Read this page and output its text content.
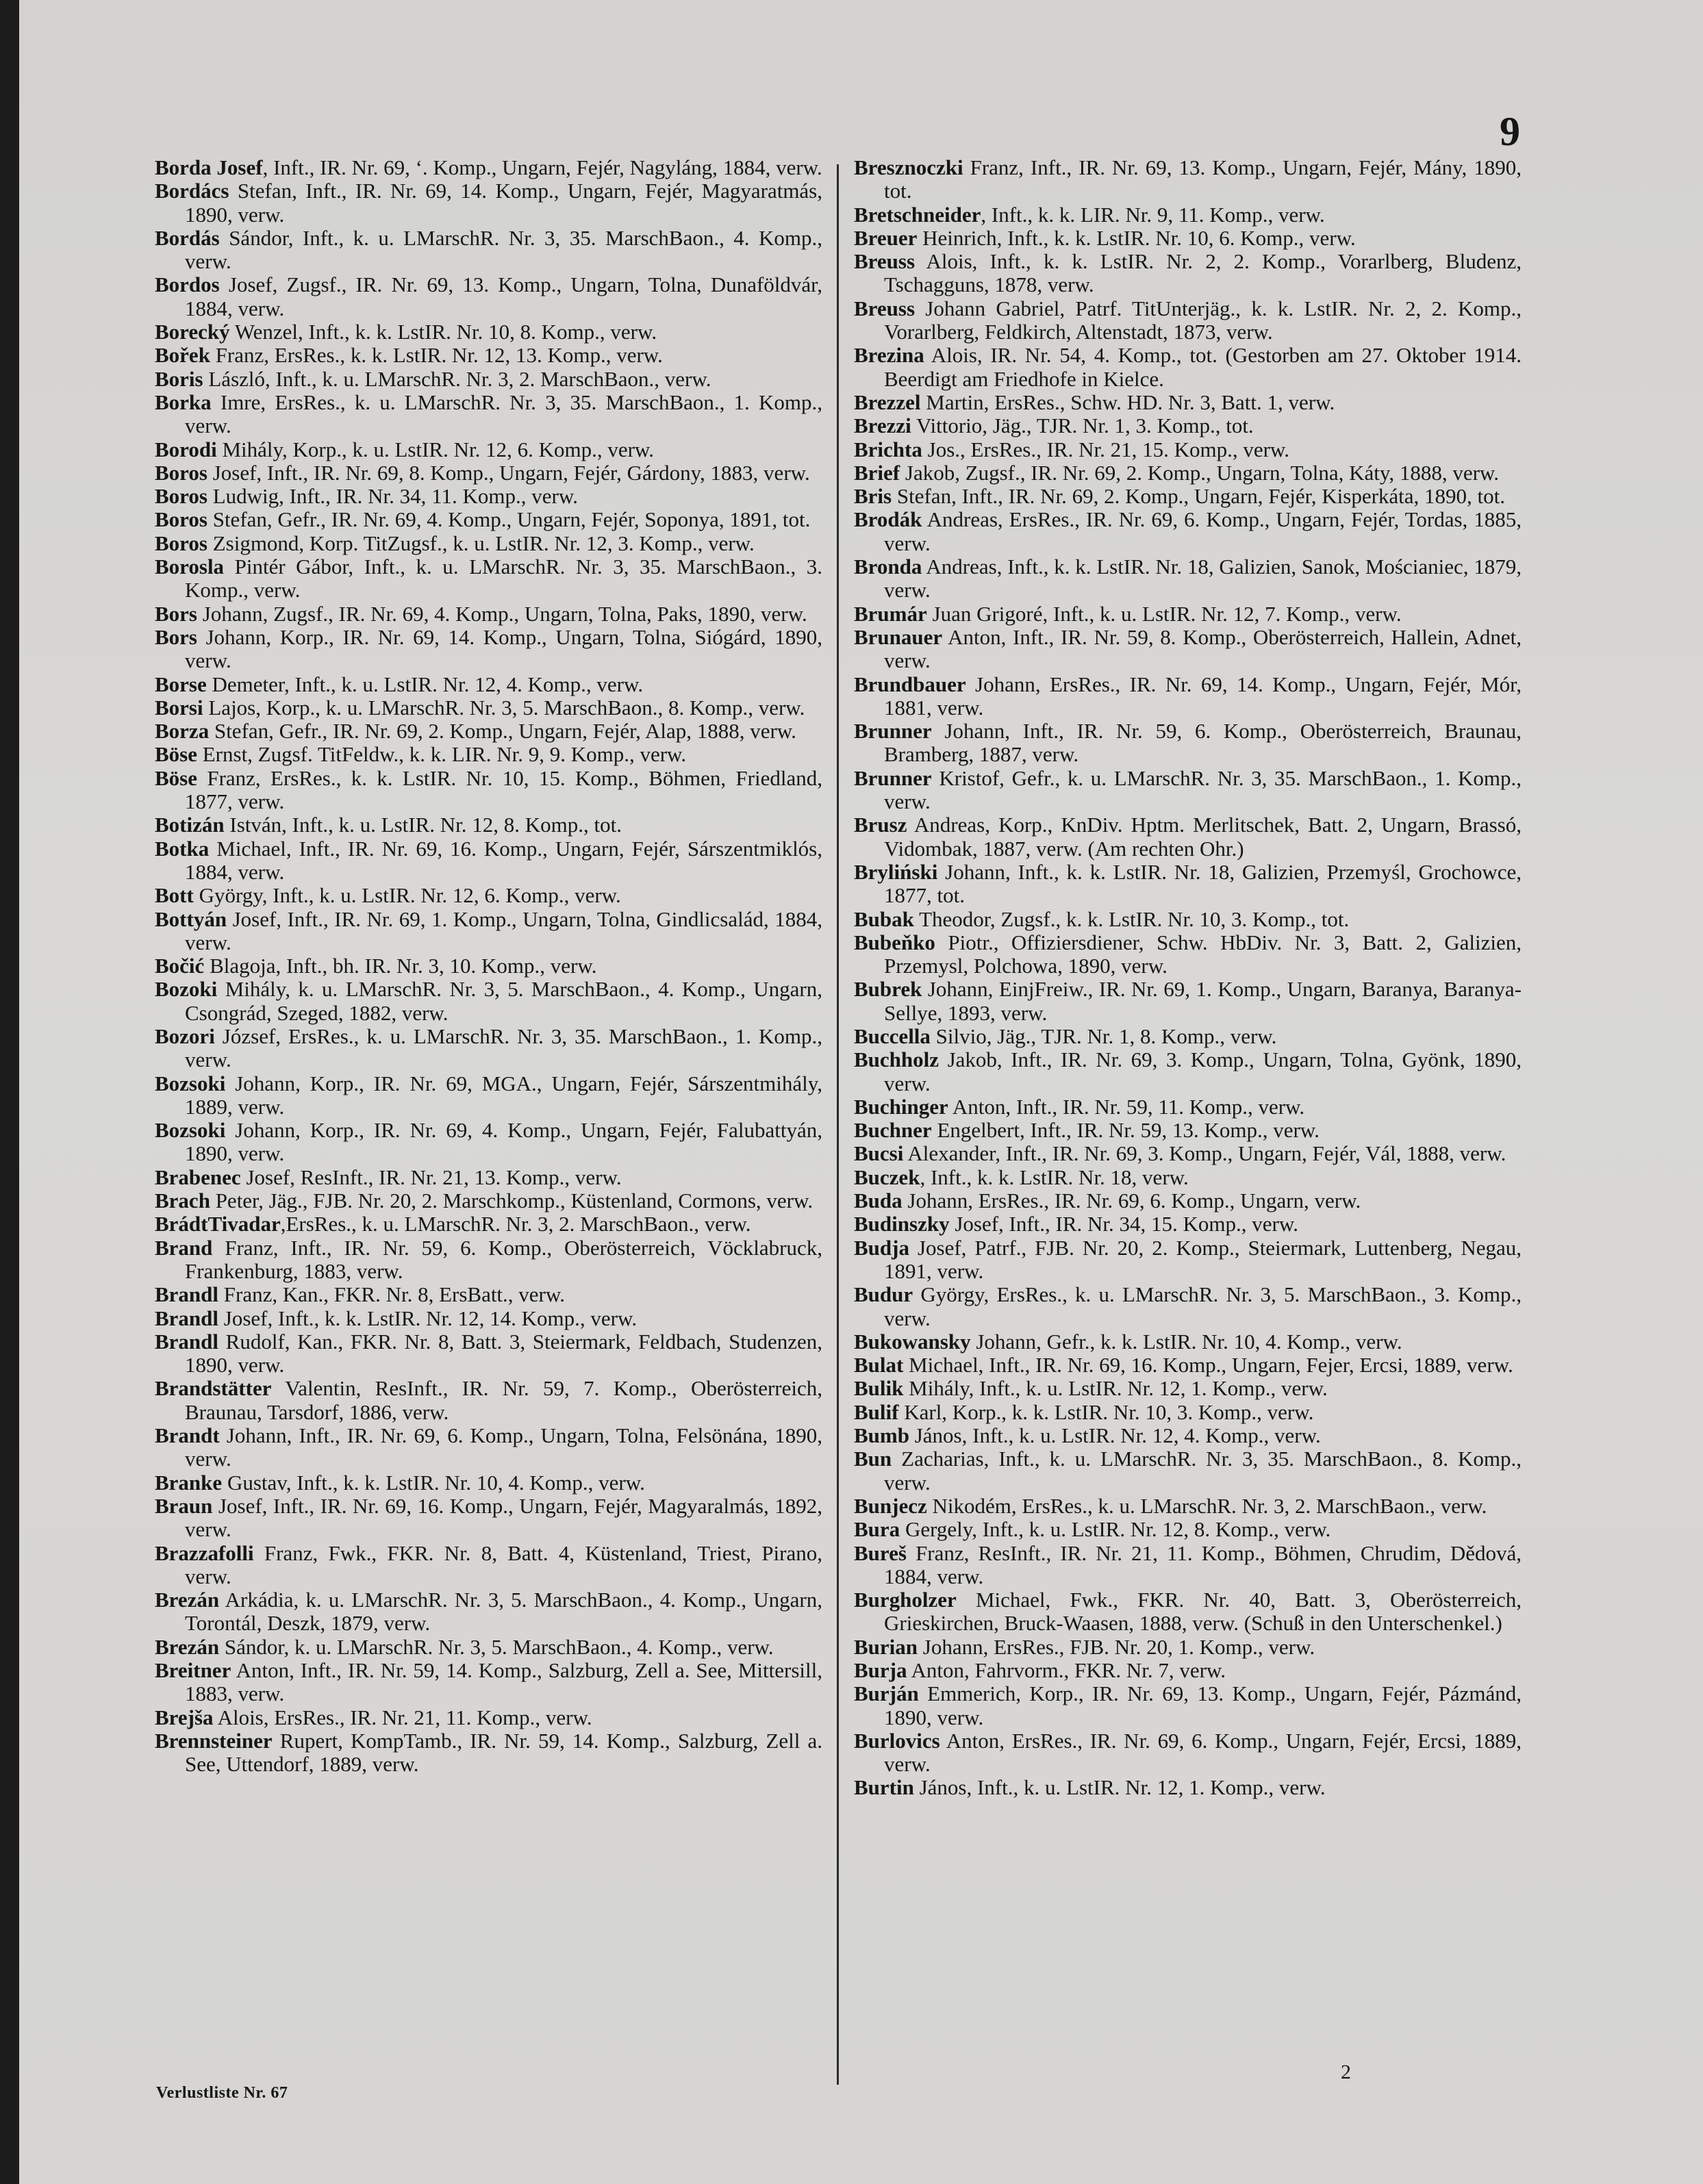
9
Borda Josef, Inft., IR. Nr. 69, ‘. Komp., Ungarn, Fejér, Nagyláng, 1884, verw.
Bordács Stefan, Inft., IR. Nr. 69, 14. Komp., Ungarn, Fejér, Magyaratmás, 1890, verw.
Bordás Sándor, Inft., k. u. LMarschR. Nr. 3, 35. MarschBaon., 4. Komp., verw.
Bordos Josef, Zugsf., IR. Nr. 69, 13. Komp., Ungarn, Tolna, Dunaföldvár, 1884, verw.
Borecký Wenzel, Inft., k. k. LstIR. Nr. 10, 8. Komp., verw.
Bořek Franz, ErsRes., k. k. LstIR. Nr. 12, 13. Komp., verw.
Boris László, Inft., k. u. LMarschR. Nr. 3, 2. MarschBaon., verw.
Borka Imre, ErsRes., k. u. LMarschR. Nr. 3, 35. MarschBaon., 1. Komp., verw.
Borodi Mihály, Korp., k. u. LstIR. Nr. 12, 6. Komp., verw.
Boros Josef, Inft., IR. Nr. 69, 8. Komp., Ungarn, Fejér, Gárdony, 1883, verw.
Boros Ludwig, Inft., IR. Nr. 34, 11. Komp., verw.
Boros Stefan, Gefr., IR. Nr. 69, 4. Komp., Ungarn, Fejér, Soponya, 1891, tot.
Boros Zsigmond, Korp. TitZugsf., k. u. LstIR. Nr. 12, 3. Komp., verw.
Borosla Pintér Gábor, Inft., k. u. LMarschR. Nr. 3, 35. MarschBaon., 3. Komp., verw.
Bors Johann, Zugsf., IR. Nr. 69, 4. Komp., Ungarn, Tolna, Paks, 1890, verw.
Bors Johann, Korp., IR. Nr. 69, 14. Komp., Ungarn, Tolna, Siógárd, 1890, verw.
Borse Demeter, Inft., k. u. LstIR. Nr. 12, 4. Komp., verw.
Borsi Lajos, Korp., k. u. LMarschR. Nr. 3, 5. MarschBaon., 8. Komp., verw.
Borza Stefan, Gefr., IR. Nr. 69, 2. Komp., Ungarn, Fejér, Alap, 1888, verw.
Böse Ernst, Zugsf. TitFeldw., k. k. LIR. Nr. 9, 9. Komp., verw.
Böse Franz, ErsRes., k. k. LstIR. Nr. 10, 15. Komp., Böhmen, Friedland, 1877, verw.
Botizán István, Inft., k. u. LstIR. Nr. 12, 8. Komp., tot.
Botka Michael, Inft., IR. Nr. 69, 16. Komp., Ungarn, Fejér, Sárszentmiklós, 1884, verw.
Bott György, Inft., k. u. LstIR. Nr. 12, 6. Komp., verw.
Bottyán Josef, Inft., IR. Nr. 69, 1. Komp., Ungarn, Tolna, Gindlicsalád, 1884, verw.
Bočić Blagoja, Inft., bh. IR. Nr. 3, 10. Komp., verw.
Bozoki Mihály, k. u. LMarschR. Nr. 3, 5. MarschBaon., 4. Komp., Ungarn, Csongrád, Szeged, 1882, verw.
Bozori József, ErsRes., k. u. LMarschR. Nr. 3, 35. MarschBaon., 1. Komp., verw.
Bozsoki Johann, Korp., IR. Nr. 69, MGA., Ungarn, Fejér, Sárszentmihály, 1889, verw.
Bozsoki Johann, Korp., IR. Nr. 69, 4. Komp., Ungarn, Fejér, Falubattyán, 1890, verw.
Brabenec Josef, ResInft., IR. Nr. 21, 13. Komp., verw.
Brach Peter, Jäg., FJB. Nr. 20, 2. Marschkomp., Küstenland, Cormons, verw.
BrádtTivadar,ErsRes., k. u. LMarschR. Nr. 3, 2. MarschBaon., verw.
Brand Franz, Inft., IR. Nr. 59, 6. Komp., Oberösterreich, Vöcklabruck, Frankenburg, 1883, verw.
Brandl Franz, Kan., FKR. Nr. 8, ErsBatt., verw.
Brandl Josef, Inft., k. k. LstIR. Nr. 12, 14. Komp., verw.
Brandl Rudolf, Kan., FKR. Nr. 8, Batt. 3, Steiermark, Feldbach, Studenzen, 1890, verw.
Brandstätter Valentin, ResInft., IR. Nr. 59, 7. Komp., Oberösterreich, Braunau, Tarsdorf, 1886, verw.
Brandt Johann, Inft., IR. Nr. 69, 6. Komp., Ungarn, Tolna, Felsönána, 1890, verw.
Branke Gustav, Inft., k. k. LstIR. Nr. 10, 4. Komp., verw.
Braun Josef, Inft., IR. Nr. 69, 16. Komp., Ungarn, Fejér, Magyaralmás, 1892, verw.
Brazzafolli Franz, Fwk., FKR. Nr. 8, Batt. 4, Küstenland, Triest, Pirano, verw.
Brezán Arkádia, k. u. LMarschR. Nr. 3, 5. MarschBaon., 4. Komp., Ungarn, Torontál, Deszk, 1879, verw.
Brezán Sándor, k. u. LMarschR. Nr. 3, 5. MarschBaon., 4. Komp., verw.
Breitner Anton, Inft., IR. Nr. 59, 14. Komp., Salzburg, Zell a. See, Mittersill, 1883, verw.
Brejša Alois, ErsRes., IR. Nr. 21, 11. Komp., verw.
Brennsteiner Rupert, KompTamb., IR. Nr. 59, 14. Komp., Salzburg, Zell a. See, Uttendorf, 1889, verw.
Bresznoczki Franz, Inft., IR. Nr. 69, 13. Komp., Ungarn, Fejér, Mány, 1890, tot.
Bretschneider, Inft., k. k. LIR. Nr. 9, 11. Komp., verw.
Breuer Heinrich, Inft., k. k. LstIR. Nr. 10, 6. Komp., verw.
Breuss Alois, Inft., k. k. LstIR. Nr. 2, 2. Komp., Vorarlberg, Bludenz, Tschagguns, 1878, verw.
Breuss Johann Gabriel, Patrf. TitUnterjäg., k. k. LstIR. Nr. 2, 2. Komp., Vorarlberg, Feldkirch, Altenstadt, 1873, verw.
Brezina Alois, IR. Nr. 54, 4. Komp., tot. (Gestorben am 27. Oktober 1914. Beerdigt am Friedhofe in Kielce.
Brezzel Martin, ErsRes., Schw. HD. Nr. 3, Batt. 1, verw.
Brezzi Vittorio, Jäg., TJR. Nr. 1, 3. Komp., tot.
Brichta Jos., ErsRes., IR. Nr. 21, 15. Komp., verw.
Brief Jakob, Zugsf., IR. Nr. 69, 2. Komp., Ungarn, Tolna, Káty, 1888, verw.
Bris Stefan, Inft., IR. Nr. 69, 2. Komp., Ungarn, Fejér, Kisperkáta, 1890, tot.
Brodák Andreas, ErsRes., IR. Nr. 69, 6. Komp., Ungarn, Fejér, Tordas, 1885, verw.
Bronda Andreas, Inft., k. k. LstIR. Nr. 18, Galizien, Sanok, Mościaniec, 1879, verw.
Brumár Juan Grigoré, Inft., k. u. LstIR. Nr. 12, 7. Komp., verw.
Brunauer Anton, Inft., IR. Nr. 59, 8. Komp., Oberösterreich, Hallein, Adnet, verw.
Brundbauer Johann, ErsRes., IR. Nr. 69, 14. Komp., Ungarn, Fejér, Mór, 1881, verw.
Brunner Johann, Inft., IR. Nr. 59, 6. Komp., Oberösterreich, Braunau, Bramberg, 1887, verw.
Brunner Kristof, Gefr., k. u. LMarschR. Nr. 3, 35. MarschBaon., 1. Komp., verw.
Brusz Andreas, Korp., KnDiv. Hptm. Merlitschek, Batt. 2, Ungarn, Brassó, Vidombak, 1887, verw. (Am rechten Ohr.)
Bryliński Johann, Inft., k. k. LstIR. Nr. 18, Galizien, Przemyśl, Grochowce, 1877, tot.
Bubak Theodor, Zugsf., k. k. LstIR. Nr. 10, 3. Komp., tot.
Bubeňko Piotr., Offiziersdiener, Schw. HbDiv. Nr. 3, Batt. 2, Galizien, Przemysl, Polchowa, 1890, verw.
Bubrek Johann, EinjFreiw., IR. Nr. 69, 1. Komp., Ungarn, Baranya, Baranya-Sellye, 1893, verw.
Buccella Silvio, Jäg., TJR. Nr. 1, 8. Komp., verw.
Buchholz Jakob, Inft., IR. Nr. 69, 3. Komp., Ungarn, Tolna, Gyönk, 1890, verw.
Buchinger Anton, Inft., IR. Nr. 59, 11. Komp., verw.
Buchner Engelbert, Inft., IR. Nr. 59, 13. Komp., verw.
Bucsi Alexander, Inft., IR. Nr. 69, 3. Komp., Ungarn, Fejér, Vál, 1888, verw.
Buczek, Inft., k. k. LstIR. Nr. 18, verw.
Buda Johann, ErsRes., IR. Nr. 69, 6. Komp., Ungarn, verw.
Budinszky Josef, Inft., IR. Nr. 34, 15. Komp., verw.
Budja Josef, Patrf., FJB. Nr. 20, 2. Komp., Steiermark, Luttenberg, Negau, 1891, verw.
Budur György, ErsRes., k. u. LMarschR. Nr. 3, 5. MarschBaon., 3. Komp., verw.
Bukowansky Johann, Gefr., k. k. LstIR. Nr. 10, 4. Komp., verw.
Bulat Michael, Inft., IR. Nr. 69, 16. Komp., Ungarn, Fejer, Ercsi, 1889, verw.
Bulik Mihály, Inft., k. u. LstIR. Nr. 12, 1. Komp., verw.
Bulif Karl, Korp., k. k. LstIR. Nr. 10, 3. Komp., verw.
Bumb János, Inft., k. u. LstIR. Nr. 12, 4. Komp., verw.
Bun Zacharias, Inft., k. u. LMarschR. Nr. 3, 35. MarschBaon., 8. Komp., verw.
Bunjecz Nikodém, ErsRes., k. u. LMarschR. Nr. 3, 2. MarschBaon., verw.
Bura Gergely, Inft., k. u. LstIR. Nr. 12, 8. Komp., verw.
Bureš Franz, ResInft., IR. Nr. 21, 11. Komp., Böhmen, Chrudim, Dědová, 1884, verw.
Burgholzer Michael, Fwk., FKR. Nr. 40, Batt. 3, Oberösterreich, Grieskirchen, Bruck-Waasen, 1888, verw. (Schuß in den Unterschenkel.)
Burian Johann, ErsRes., FJB. Nr. 20, 1. Komp., verw.
Burja Anton, Fahrvorm., FKR. Nr. 7, verw.
Burján Emmerich, Korp., IR. Nr. 69, 13. Komp., Ungarn, Fejér, Pázmánd, 1890, verw.
Burlovics Anton, ErsRes., IR. Nr. 69, 6. Komp., Ungarn, Fejér, Ercsi, 1889, verw.
Burtin János, Inft., k. u. LstIR. Nr. 12, 1. Komp., verw.
Verlustliste Nr. 67
2
